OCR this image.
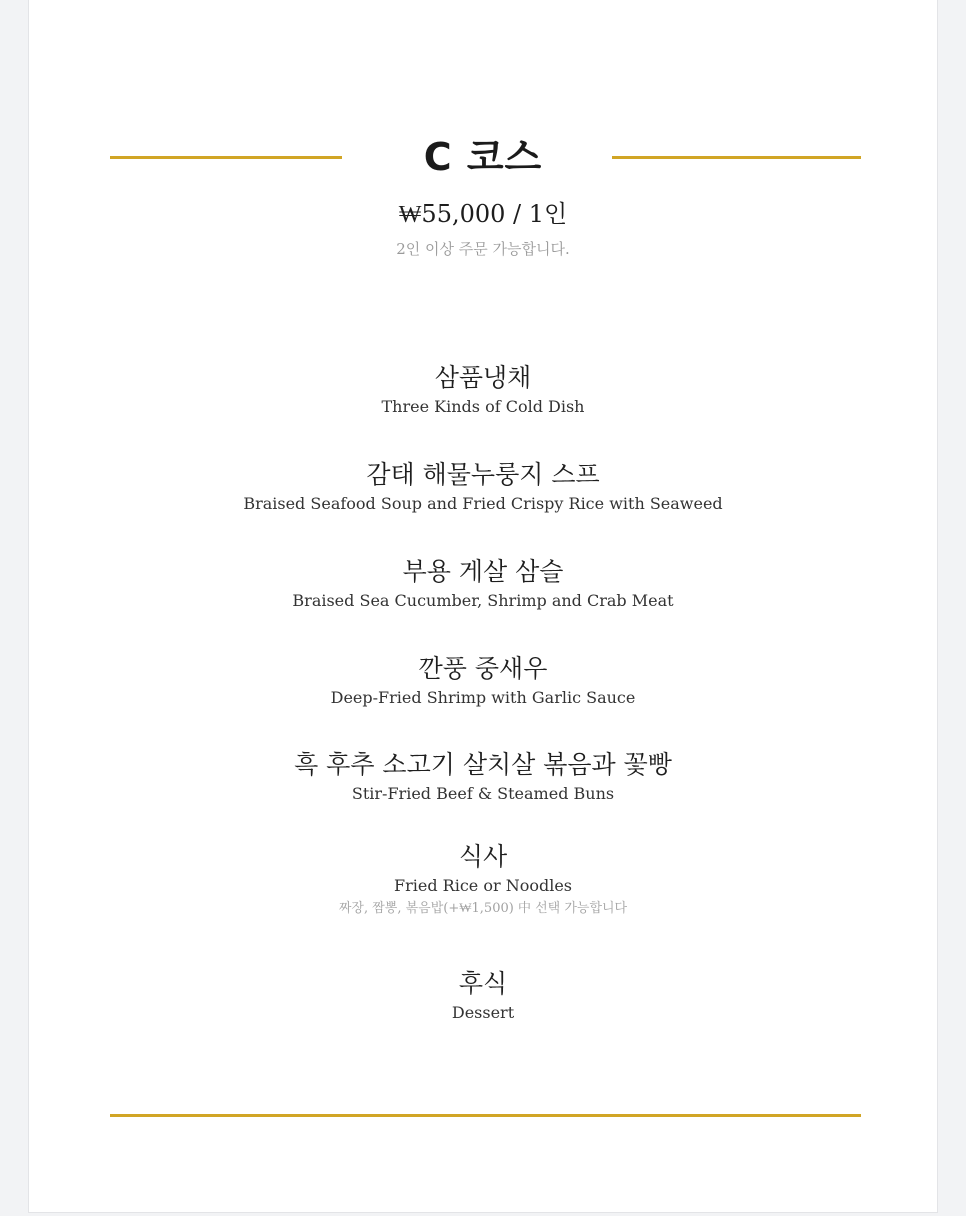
C 코스
₩55,000 / 1인
2인 이상 주문 가능합니다.
삼품냉채
Three Kinds of Cold Dish
감태 해물누룽지 스프
Braised Seafood Soup and Fried Crispy Rice with Seaweed
부용 게살 삼슬
Braised Sea Cucumber, Shrimp and Crab Meat
깐풍 중새우
Deep-Fried Shrimp with Garlic Sauce
흑 후추 소고기 살치살 볶음과 꽃빵
Stir-Fried Beef & Steamed Buns
식사
Fried Rice or Noodles
짜장, 짬뽕, 볶음밥(+₩1,500) 中 선택 가능합니다
후식
Dessert
